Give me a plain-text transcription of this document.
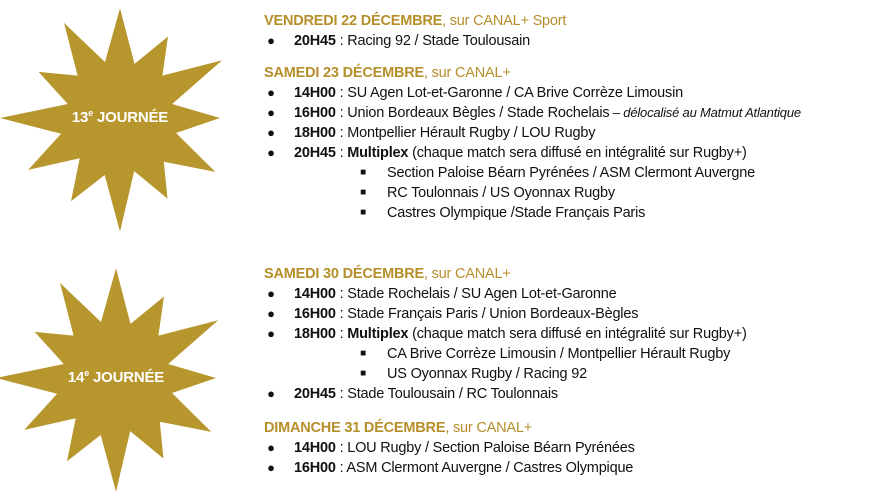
13e JOURNÉE
14e JOURNÉE
VENDREDI 22 DÉCEMBRE, sur CANAL+ Sport
● 20H45 : Racing 92 / Stade Toulousain
SAMEDI 23 DÉCEMBRE, sur CANAL+
● 14H00 : SU Agen Lot-et-Garonne / CA Brive Corrèze Limousin
● 16H00 : Union Bordeaux Bègles / Stade Rochelais – délocalisé au Matmut Atlantique
● 18H00 : Montpellier Hérault Rugby / LOU Rugby
● 20H45 : Multiplex (chaque match sera diffusé en intégralité sur Rugby+)
■ Section Paloise Béarn Pyrénées / ASM Clermont Auvergne
■ RC Toulonnais / US Oyonnax Rugby
■ Castres Olympique /Stade Français Paris
SAMEDI 30 DÉCEMBRE, sur CANAL+
● 14H00 : Stade Rochelais / SU Agen Lot-et-Garonne
● 16H00 : Stade Français Paris / Union Bordeaux-Bègles
● 18H00 : Multiplex (chaque match sera diffusé en intégralité sur Rugby+)
■ CA Brive Corrèze Limousin / Montpellier Hérault Rugby
■ US Oyonnax Rugby / Racing 92
● 20H45 : Stade Toulousain / RC Toulonnais
DIMANCHE 31 DÉCEMBRE, sur CANAL+
● 14H00 : LOU Rugby / Section Paloise Béarn Pyrénées
● 16H00 : ASM Clermont Auvergne / Castres Olympique
